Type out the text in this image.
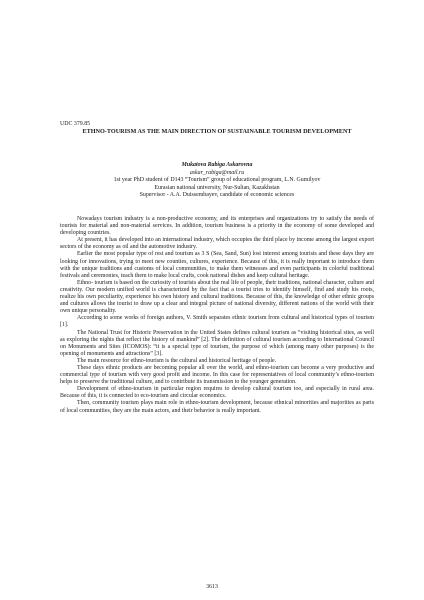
UDC 379.85
ETHNO-TOURISM AS THE MAIN DIRECTION OF SUSTAINABLE TOURISM DEVELOPMENT
Mukatova Rabiga Askarovna
askar_rabiga@mail.ru
1st year PhD student of D143 “Tourism” group of educational program, L.N. Gumilyov
Eurasian national university, Nur-Sultan, Kazakhstan
Supervisor - A.A. Duissembayev, candidate of economic sciences

Nowadays tourism industry is a non-productive economy, and its enterprises and organizations try to satisfy the needs of tourists for material and non-material services. In addition, tourism business is a priority in the economy of some developed and developing countries.

At present, it has developed into an international industry, which occupies the third place by income among the largest export sectors of the economy as oil and the automotive industry.

Earlier the most popular type of rest and tourism as 3 S (Sea, Sand, Sun) lost interest among tourists and these days they are looking for innovations, trying to meet new counties, cultures, experience. Because of this, it is really important to introduce them with the unique traditions and customs of local communities, to make them witnesses and even participants in colorful traditional festivals and ceremonies, teach them to make local crafts, cook national dishes and keep cultural heritage.

Ethno- tourism is based on the curiosity of tourists about the real life of people, their traditions, national character, culture and creativity. Our modern unified world is characterized by the fact that a tourist tries to identify himself, find and study his roots, realize his own peculiarity, experience his own history and cultural traditions. Because of this, the knowledge of other ethnic groups and cultures allows the tourist to draw up a clear and integral picture of national diversity, different nations of the world with their own unique personality.

According to some works of foreign authors, V. Smith separates ethnic tourism from cultural and historical types of tourism [1].

The National Trust for Historic Preservation in the United States defines cultural tourism as “visiting historical sites, as well as exploring the nights that reflect the history of mankind” [2]. The definition of cultural tourism according to International Council on Monuments and Sites (ICOMOS): “it is a special type of tourism, the purpose of which (among many other purposes) is the opening of monuments and attractions” [3].

The main resource for ethno-tourism is the cultural and historical heritage of people.

These days ethnic products are becoming popular all over the world, and ethno-tourism can become a very productive and commercial type of tourism with very good profit and income. In this case for representatives of local community’s ethno-tourism helps to preserve the traditional culture, and to contribute its transmission to the younger generation.

Development of ethno-tourism in particular region requires to develop cultural tourism too, and especially in rural area. Because of this, it is connected to eco-tourism and circular economics.

Then, community tourism plays main role in ethno-tourism development, because ethnical minorities and majorities as parts of local communities, they are the main actors, and their behavior is really important.

3613
